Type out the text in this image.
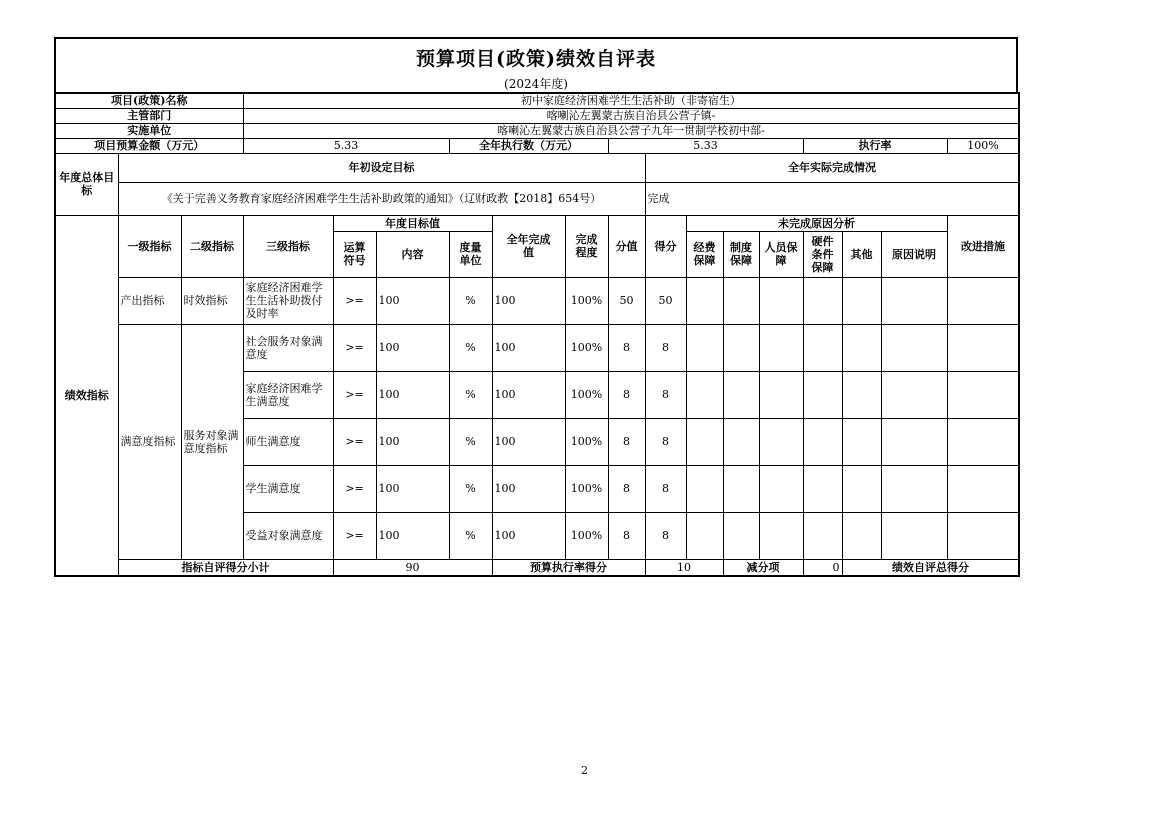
预算项目(政策)绩效自评表
(2024年度)
项目(政策)名称			初中家庭经济困难学生生活补助（非寄宿生）															
主管部门			喀喇沁左翼蒙古族自治县公营子镇-															
实施单位			喀喇沁左翼蒙古族自治县公营子九年一贯制学校初中部-															
项目预算金额（万元）			5.33			全年执行数（万元）			5.33					执行率			100%	
年度总体目标	年初设定目标									全年实际完成情况								
	《关于完善义务教育家庭经济困难学生生活补助政策的通知》（辽财政教【2018】654号）									完成								
绩效指标	一级指标	二级指标	三级指标	年度目标值			全年完成值	完成程度	分值	得分	未完成原因分析						改进措施	

				运算符号	内容	度量单位					经费保障	制度保障	人员保障	硬件条件保障	其他	原因说明		
	产出指标	时效指标	家庭经济困难学生生活补助拨付及时率	>=	100	%	100	100%	50	50								
	满意度指标	服务对象满意度指标	社会服务对象满意度	>=	100	%	100	100%	8	8								
			家庭经济困难学生满意度	>=	100	%	100	100%	8	8								
			师生满意度	>=	100	%	100	100%	8	8								
			学生满意度	>=	100	%	100	100%	8	8								
			受益对象满意度	>=	100	%	100	100%	8	8								
	指标自评得分小计			90			预算执行率得分			10		减分项		0	绩效自评总得分	
2
